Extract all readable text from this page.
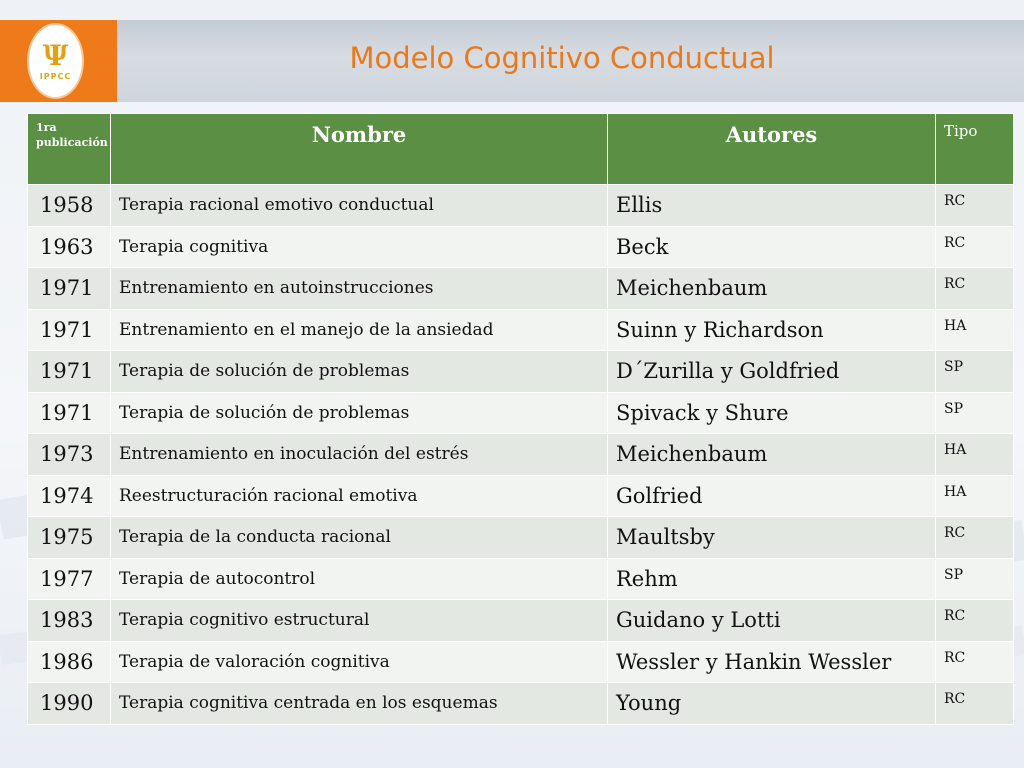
Ψ
IPPCC
Modelo Cognitivo Conductual
1ra publicación	Nombre	Autores	Tipo
1958	Terapia racional emotivo conductual	Ellis	RC
1963	Terapia cognitiva	Beck	RC
1971	Entrenamiento en autoinstrucciones	Meichenbaum	RC
1971	Entrenamiento en el manejo de la ansiedad	Suinn y Richardson	HA
1971	Terapia de solución de problemas	D´Zurilla y Goldfried	SP
1971	Terapia de solución de problemas	Spivack y Shure	SP
1973	Entrenamiento en inoculación del estrés	Meichenbaum	HA
1974	Reestructuración racional emotiva	Golfried	HA
1975	Terapia de la conducta racional	Maultsby	RC
1977	Terapia de autocontrol	Rehm	SP
1983	Terapia cognitivo estructural	Guidano y Lotti	RC
1986	Terapia de valoración cognitiva	Wessler y Hankin Wessler	RC
1990	Terapia cognitiva centrada en los esquemas	Young	RC
